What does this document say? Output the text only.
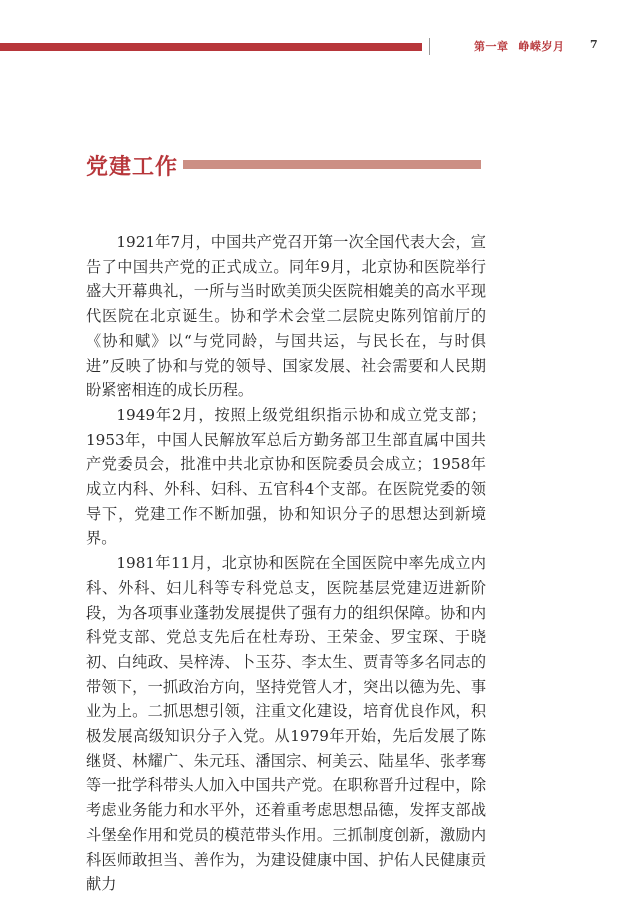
第一章 峥嵘岁月 7
党建工作

1921年7月，中国共产党召开第一次全国代表大会，宣告了中国共产党的正式成立。同年9月，北京协和医院举行盛大开幕典礼，一所与当时欧美顶尖医院相媲美的高水平现代医院在北京诞生。协和学术会堂二层院史陈列馆前厅的《协和赋》以“与党同龄，与国共运，与民长在，与时俱进”反映了协和与党的领导、国家发展、社会需要和人民期盼紧密相连的成长历程。

1949年2月，按照上级党组织指示协和成立党支部；1953年，中国人民解放军总后方勤务部卫生部直属中国共产党委员会，批准中共北京协和医院委员会成立；1958年成立内科、外科、妇科、五官科4个支部。在医院党委的领导下，党建工作不断加强，协和知识分子的思想达到新境界。

1981年11月，北京协和医院在全国医院中率先成立内科、外科、妇儿科等专科党总支，医院基层党建迈进新阶段，为各项事业蓬勃发展提供了强有力的组织保障。协和内科党支部、党总支先后在杜寿玢、王荣金、罗宝琛、于晓初、白纯政、吴梓涛、卜玉芬、李太生、贾青等多名同志的带领下，一抓政治方向，坚持党管人才，突出以德为先、事业为上。二抓思想引领，注重文化建设，培育优良作风，积极发展高级知识分子入党。从1979年开始，先后发展了陈继贤、林耀广、朱元珏、潘国宗、柯美云、陆星华、张孝骞等一批学科带头人加入中国共产党。在职称晋升过程中，除考虑业务能力和水平外，还着重考虑思想品德，发挥支部战斗堡垒作用和党员的模范带头作用。三抓制度创新，激励内科医师敢担当、善作为，为建设健康中国、护佑人民健康贡献力
